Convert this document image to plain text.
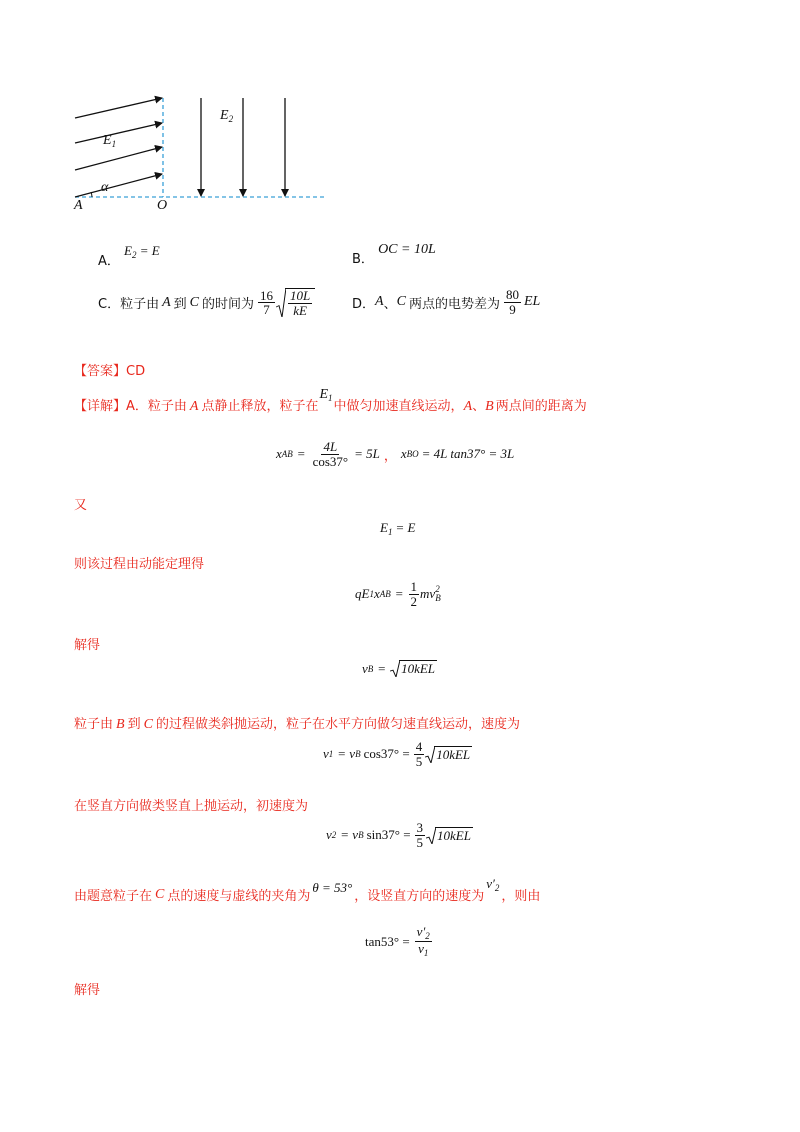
$E_1$
$E_2$
α
A	O
A． $E_2 = E$
B． OC = 10L
C．粒子由 A 到 C 的时间为 $\frac{16}{7} \frac{10L}{kE}$	D． A 、 C 两点的电势差为 $\frac{80}{9}$ EL
【答案】CD
【详解】A．粒子由 A 点静止释放，粒子在$E_1$中做匀加速直线运动，A、B 两点间的距离为
x AB = $\frac{4L}{\cos 37^\circ} = 5L$ ， x BO = 4L tan37° = 3L
又
$E_1 = E$
则该过程由动能定理得
qE 1 x AB = $\frac{1}{2}$ mv 2
B
解得
v B =	10kEL
粒子由 B 到 C 的过程做类斜抛运动，粒子在水平方向做匀速直线运动，速度为
v 1 = v B $\cos 37^\circ = \frac{4}{5} 10kEL$
在竖直方向做类竖直上抛运动，初速度为
v 2 = v B $\sin 37^\circ = \frac{3}{5} 10kEL$
由题意粒子在 C 点的速度与虚线的夹角为
θ = 53°
，设竖直方向的速度为
$v'_2$
，则由
$\tan 53^\circ = \frac{v'_2}{v_1}$
解得
